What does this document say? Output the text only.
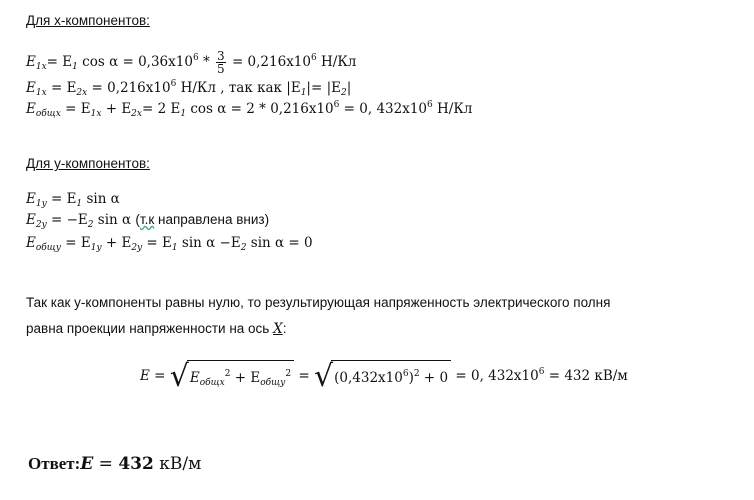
Для x-компонентов:
$E_{1x}= E_1$ $\cos \alpha = 0,36x10^6 * \frac{3}{5} = 0,216x10^6$ Н/Кл
$E_{1x} = E_{2x} = 0,216x10^6$ Н/Кл , так как $|E_1|= |E_2|$
$E_{общх} = E_{1x} + E_{2x}= 2$ $E_1$ $\cos \alpha = 2 * 0,216x10^6 = 0$, $432x10^6$ Н/Кл
Для y-компонентов:
$E_{1y} = E_1$ sin α
$E_{2y} = -E_2$ sin α (т.к направлена вниз)
$E_{общу} = E_{1y} + E_{2y} = E_1$ $\sin \alpha -E_2$ sin α = 0
Так как y-компоненты равны нулю, то результирующая напряженность электрического полня
равна проекции напряженности на ось X:
$E = √E_{общх}^2 + E_{общу}^2 = √(0,432x10^6)^2 + 0 = 0$, $432x10^6 = 432$ кВ/м
Ответ:E = 432 кВ/м
